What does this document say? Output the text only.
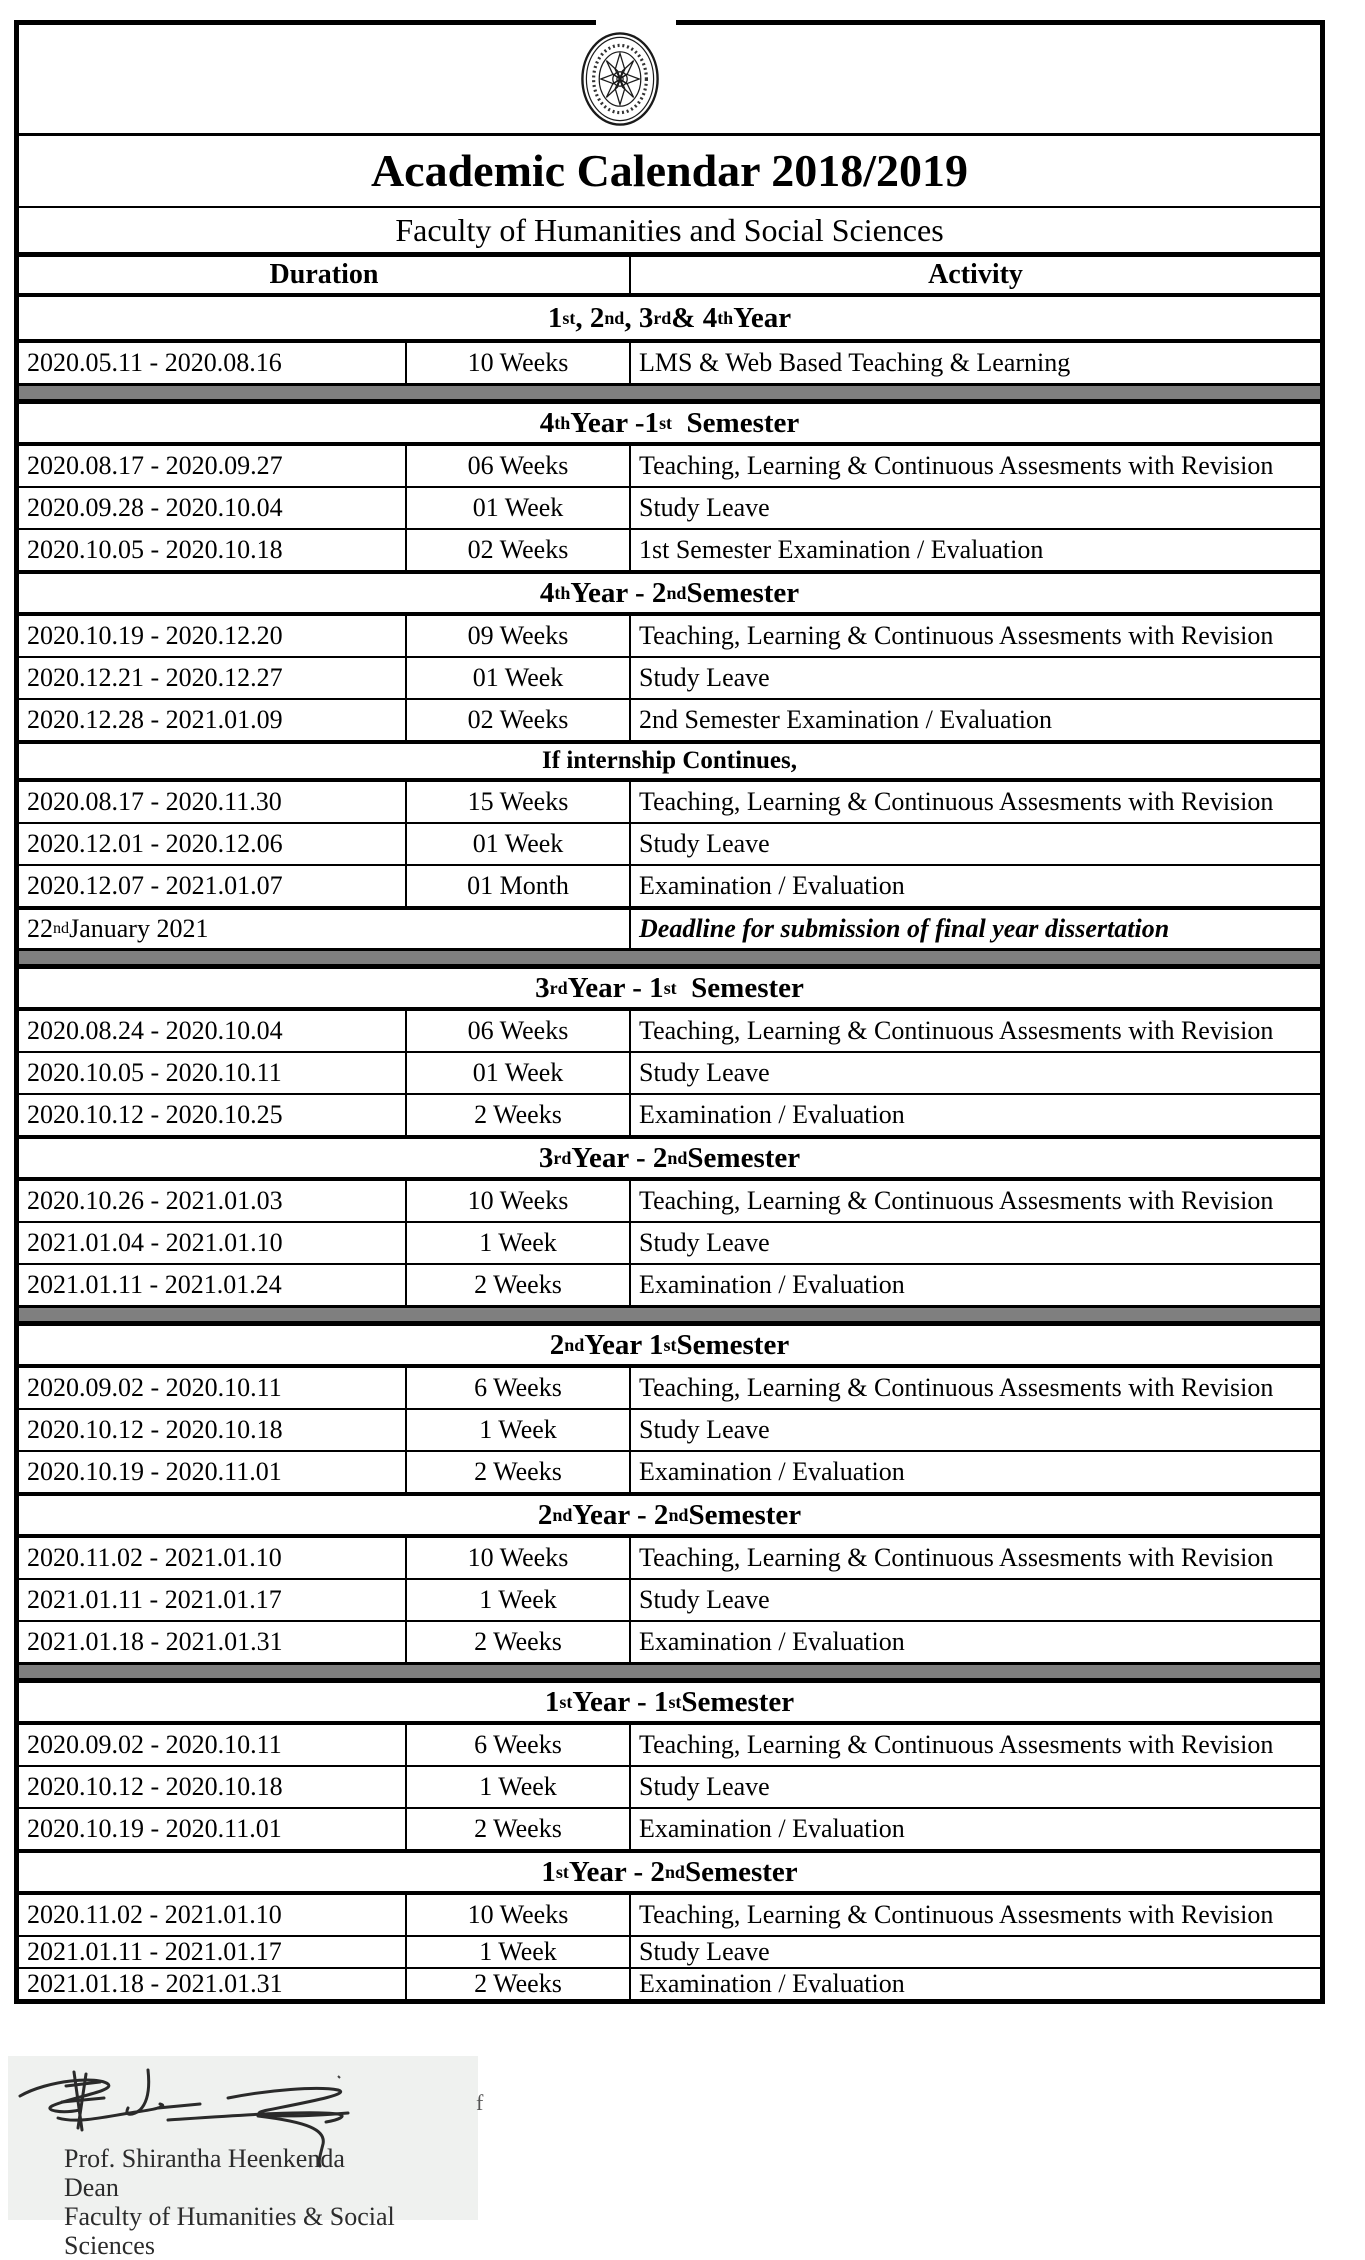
Academic Calendar 2018/2019
Faculty of Humanities and Social Sciences
Duration	Activity
1 st , 2 nd , 3 rd & 4 th Year
2020.05.11 - 2020.08.16	10 Weeks	LMS & Web Based Teaching & Learning
4 th Year -1 st Semester
2020.08.17 - 2020.09.27	06 Weeks	Teaching, Learning & Continuous Assesments with Revision
2020.09.28 - 2020.10.04	01 Week	Study Leave
2020.10.05 - 2020.10.18	02 Weeks	1st Semester Examination / Evaluation
4 th Year - 2 nd Semester
2020.10.19 - 2020.12.20	09 Weeks	Teaching, Learning & Continuous Assesments with Revision
2020.12.21 - 2020.12.27	01 Week	Study Leave
2020.12.28 - 2021.01.09	02 Weeks	2nd Semester Examination / Evaluation
If internship Continues,
2020.08.17 - 2020.11.30	15 Weeks	Teaching, Learning & Continuous Assesments with Revision
2020.12.01 - 2020.12.06	01 Week	Study Leave
2020.12.07 - 2021.01.07	01 Month	Examination / Evaluation
22 nd January 2021	Deadline for submission of final year dissertation
3 rd Year - 1 st Semester
2020.08.24 - 2020.10.04	06 Weeks	Teaching, Learning & Continuous Assesments with Revision
2020.10.05 - 2020.10.11	01 Week	Study Leave
2020.10.12 - 2020.10.25	2 Weeks	Examination / Evaluation
3 rd Year - 2 nd Semester
2020.10.26 - 2021.01.03	10 Weeks	Teaching, Learning & Continuous Assesments with Revision
2021.01.04 - 2021.01.10	1 Week	Study Leave
2021.01.11 - 2021.01.24	2 Weeks	Examination / Evaluation
2 nd Year 1 st Semester
2020.09.02 - 2020.10.11	6 Weeks	Teaching, Learning & Continuous Assesments with Revision
2020.10.12 - 2020.10.18	1 Week	Study Leave
2020.10.19 - 2020.11.01	2 Weeks	Examination / Evaluation
2 nd Year - 2 nd Semester
2020.11.02 - 2021.01.10	10 Weeks	Teaching, Learning & Continuous Assesments with Revision
2021.01.11 - 2021.01.17	1 Week	Study Leave
2021.01.18 - 2021.01.31	2 Weeks	Examination / Evaluation
1 st Year - 1 st Semester
2020.09.02 - 2020.10.11	6 Weeks	Teaching, Learning & Continuous Assesments with Revision
2020.10.12 - 2020.10.18	1 Week	Study Leave
2020.10.19 - 2020.11.01	2 Weeks	Examination / Evaluation
1 st Year - 2 nd Semester
2020.11.02 - 2021.01.10	10 Weeks	Teaching, Learning & Continuous Assesments with Revision
2021.01.11 - 2021.01.17	1 Week	Study Leave
2021.01.18 - 2021.01.31	2 Weeks	Examination / Evaluation
Prof. Shirantha Heenkenda
Dean
Faculty of Humanities & Social Sciences
f
